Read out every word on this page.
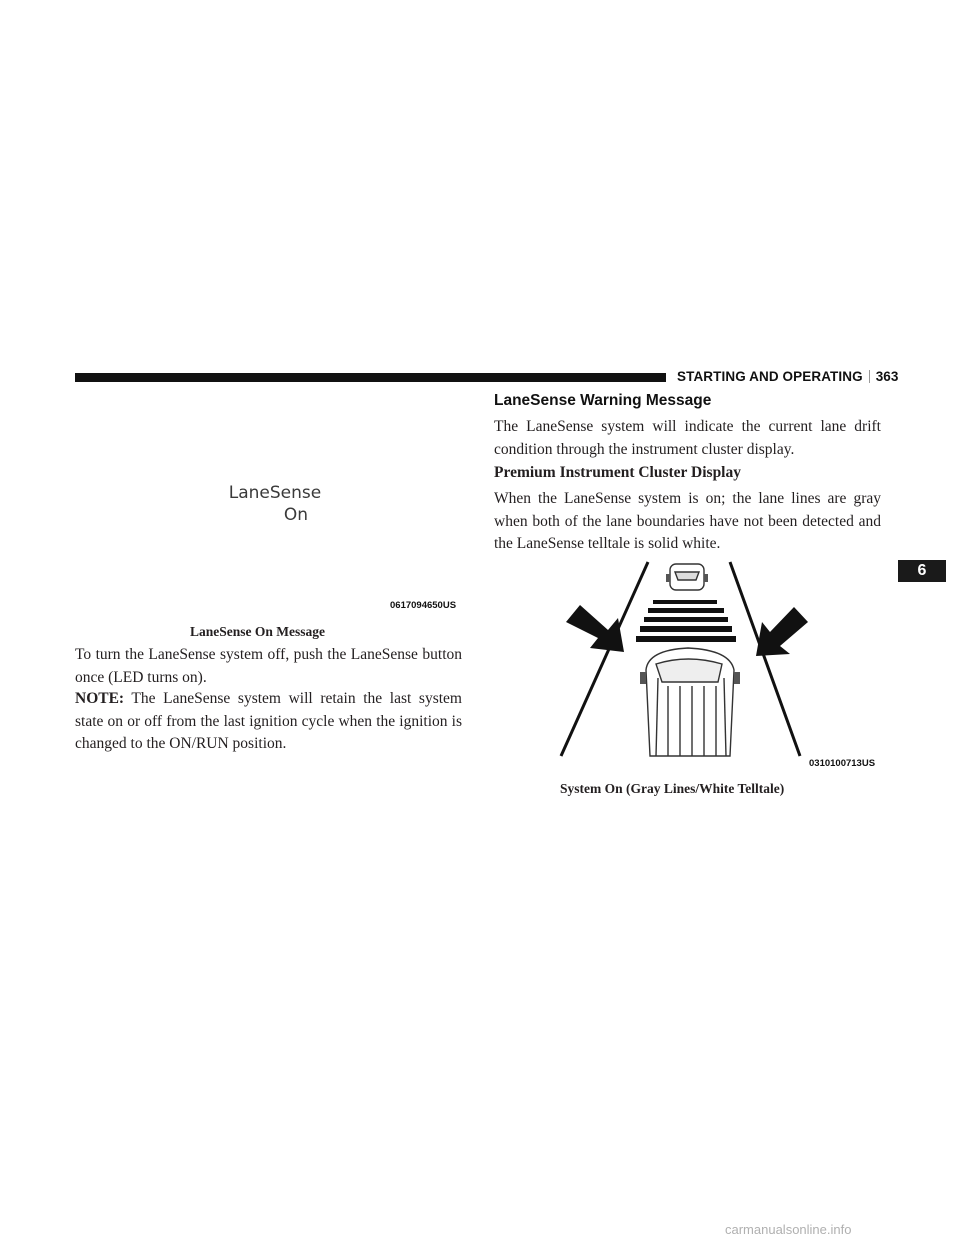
STARTING AND OPERATING 363
6
LaneSense
On
0617094650US
LaneSense On Message

To turn the LaneSense system off, push the LaneSense button once (LED turns on).

NOTE: The LaneSense system will retain the last system state on or off from the last ignition cycle when the ignition is changed to the ON/RUN position.

LaneSense Warning Message

The LaneSense system will indicate the current lane drift condition through the instrument cluster display.

Premium Instrument Cluster Display

When the LaneSense system is on; the lane lines are gray when both of the lane boundaries have not been detected and the LaneSense telltale is solid white.

0310100713US
System On (Gray Lines/White Telltale)
carmanualsonline.info
